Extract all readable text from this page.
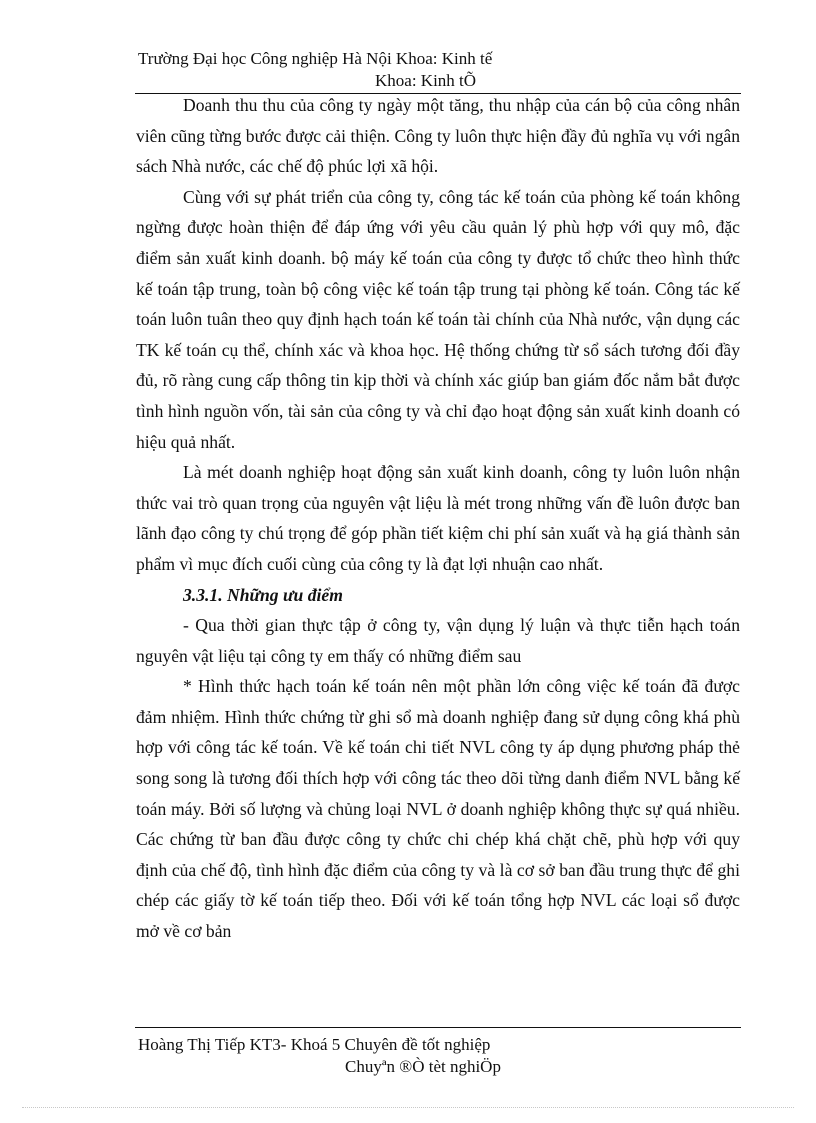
Trường Đại học Công nghiệp Hà Nội Khoa: Kinh tế
Khoa: Kinh tÕ

Doanh thu thu của công ty ngày một tăng, thu nhập của cán bộ của công nhân viên cũng từng bước được cải thiện. Công ty luôn thực hiện đầy đủ nghĩa vụ với ngân sách Nhà nước, các chế độ phúc lợi xã hội.

Cùng với sự phát triển của công ty, công tác kế toán của phòng kế toán không ngừng được hoàn thiện để đáp ứng với yêu cầu quản lý phù hợp với quy mô, đặc điểm sản xuất kinh doanh. bộ máy kế toán của công ty được tổ chức theo hình thức kế toán tập trung, toàn bộ công việc kế toán tập trung tại phòng kế toán. Công tác kế toán luôn tuân theo quy định hạch toán kế toán tài chính của Nhà nước, vận dụng các TK kế toán cụ thể, chính xác và khoa học. Hệ thống chứng từ sổ sách tương đối đầy đủ, rõ ràng cung cấp thông tin kịp thời và chính xác giúp ban giám đốc nắm bắt được tình hình nguồn vốn, tài sản của công ty và chỉ đạo hoạt động sản xuất kinh doanh có hiệu quả nhất.

Là mét doanh nghiệp hoạt động sản xuất kinh doanh, công ty luôn luôn nhận thức vai trò quan trọng của nguyên vật liệu là mét trong những vấn đề luôn được ban lãnh đạo công ty chú trọng để góp phần tiết kiệm chi phí sản xuất và hạ giá thành sản phẩm vì mục đích cuối cùng của công ty là đạt lợi nhuận cao nhất.

3.3.1. Những ưu điểm

- Qua thời gian thực tập ở công ty, vận dụng lý luận và thực tiễn hạch toán nguyên vật liệu tại công ty em thấy có những điểm sau

* Hình thức hạch toán kế toán nên một phần lớn công việc kế toán đã được đảm nhiệm. Hình thức chứng từ ghi sổ mà doanh nghiệp đang sử dụng công khá phù hợp với công tác kế toán. Về kế toán chi tiết NVL công ty áp dụng phương pháp thẻ song song là tương đối thích hợp với công tác theo dõi từng danh điểm NVL bằng kế toán máy. Bởi số lượng và chủng loại NVL ở doanh nghiệp không thực sự quá nhiều. Các chứng từ ban đầu được công ty chức chi chép khá chặt chẽ, phù hợp với quy định của chế độ, tình hình đặc điểm của công ty và là cơ sở ban đầu trung thực để ghi chép các giấy tờ kế toán tiếp theo. Đối với kế toán tổng hợp NVL các loại sổ được mở về cơ bản

Hoàng Thị Tiếp KT3- Khoá 5 Chuyên đề tốt nghiệp
Chuyªn ®Ò tèt nghiÖp
